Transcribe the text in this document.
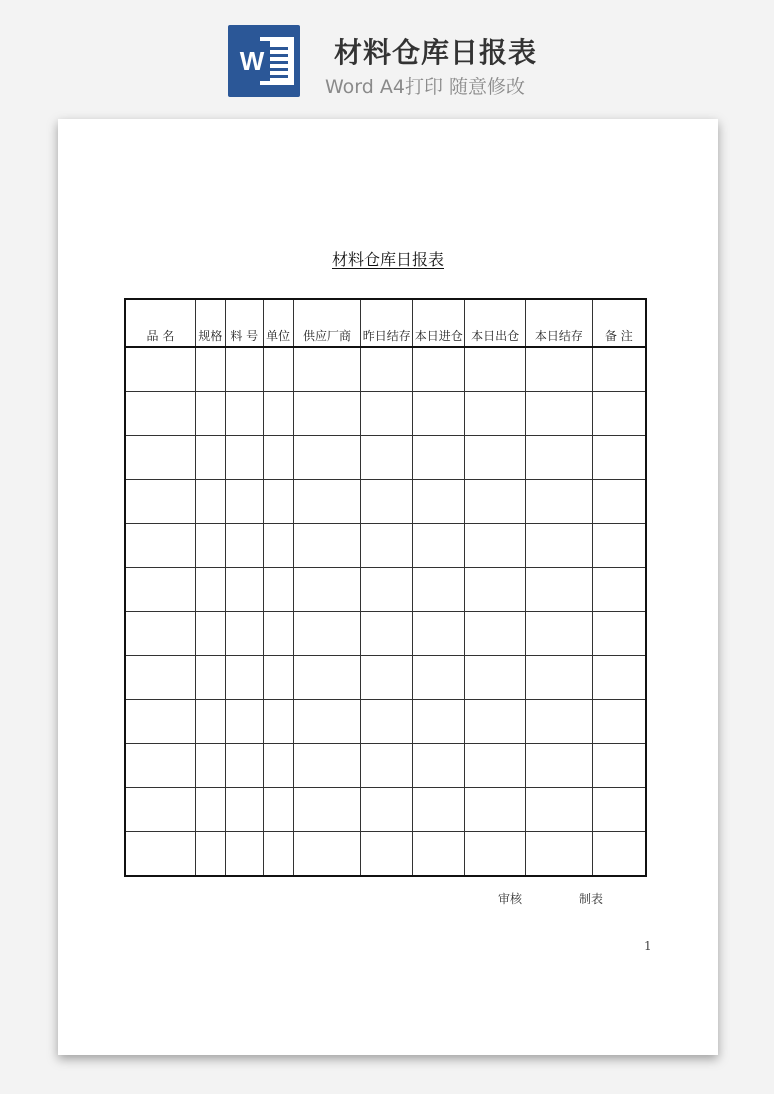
W 材料仓库日报表
Word A4打印 随意修改
材料仓库日报表
品 名	规格	料 号	单位	供应厂商	昨日结存	本日进仓	本日出仓	本日结存	备 注

审核	制表
1
